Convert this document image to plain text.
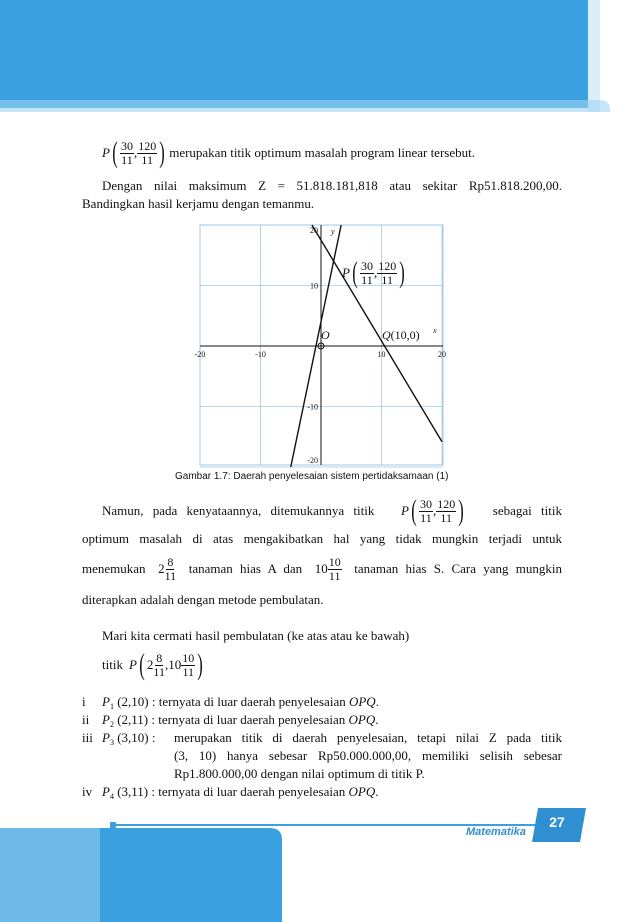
P ( $\frac{30}{11}$ , $\frac{120}{11}$ ) merupakan titik optimum masalah program linear tersebut.
Dengan nilai maksimum Z = 51.818.181,818 atau sekitar Rp51.818.200,00.
Bandingkan hasil kerjamu dengan temanmu.
-20	-10	10	20
20
10
-10
-20
x
y
P ( $\frac{30}{11}$ , $\frac{120}{11}$ )
Q(10,0)
O
Gambar 1.7: Daerah penyelesaian sistem pertidaksamaan (1)
Namun, pada kenyataannya, ditemukannya titik P ( $\frac{30}{11}$ , $\frac{120}{11}$ ) sebagai titik
optimum masalah di atas mengakibatkan hal yang tidak mungkin terjadi untuk
menemukan $2 \frac{8}{11}$ tanaman hias A dan $10 \frac{10}{11}$ tanaman hias S. Cara yang mungkin
diterapkan adalah dengan metode pembulatan.
Mari kita cermati hasil pembulatan (ke atas atau ke bawah)
titik P ( $2 \frac{8}{11}$ , $10 \frac{10}{11}$ )
i $P_1$ (2,10) : ternyata di luar daerah penyelesaian OPQ.
ii $P_2$ (2,11) : ternyata di luar daerah penyelesaian OPQ.
iii $P_3$ (3,10) : merupakan titik di daerah penyelesaian, tetapi nilai Z pada titik
(3, 10) hanya sebesar Rp50.000.000,00, memiliki selisih sebesar
Rp1.800.000,00 dengan nilai optimum di titik P.
iv $P_4$ (3,11) : ternyata di luar daerah penyelesaian OPQ.
Matematika
27
